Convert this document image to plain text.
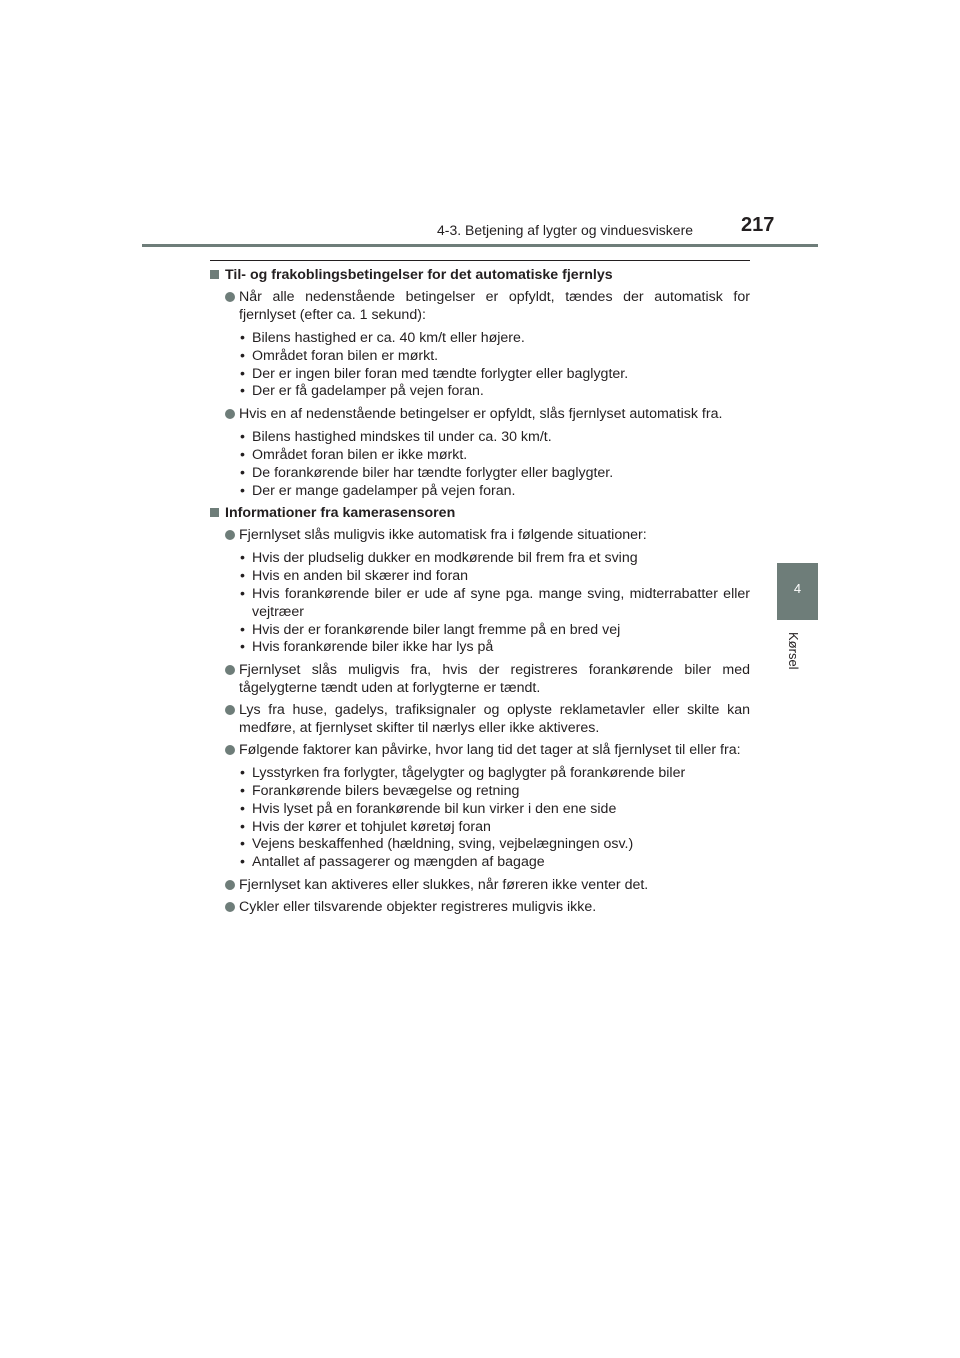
4-3. Betjening af lygter og vinduesviskere 217
4
Kørsel
Til- og frakoblingsbetingelser for det automatiske fjernlys
Når alle nedenstående betingelser er opfyldt, tændes der automatisk for fjernlyset (efter ca. 1 sekund):
• Bilens hastighed er ca. 40 km/t eller højere.
• Området foran bilen er mørkt.
• Der er ingen biler foran med tændte forlygter eller baglygter.
• Der er få gadelamper på vejen foran.
Hvis en af nedenstående betingelser er opfyldt, slås fjernlyset automatisk fra.
• Bilens hastighed mindskes til under ca. 30 km/t.
• Området foran bilen er ikke mørkt.
• De forankørende biler har tændte forlygter eller baglygter.
• Der er mange gadelamper på vejen foran.
Informationer fra kamerasensoren
Fjernlyset slås muligvis ikke automatisk fra i følgende situationer:
• Hvis der pludselig dukker en modkørende bil frem fra et sving
• Hvis en anden bil skærer ind foran
• Hvis forankørende biler er ude af syne pga. mange sving, midterrabatter eller vejtræer
• Hvis der er forankørende biler langt fremme på en bred vej
• Hvis forankørende biler ikke har lys på
Fjernlyset slås muligvis fra, hvis der registreres forankørende biler med tågelygterne tændt uden at forlygterne er tændt.
Lys fra huse, gadelys, trafiksignaler og oplyste reklametavler eller skilte kan medføre, at fjernlyset skifter til nærlys eller ikke aktiveres.
Følgende faktorer kan påvirke, hvor lang tid det tager at slå fjernlyset til eller fra:
• Lysstyrken fra forlygter, tågelygter og baglygter på forankørende biler
• Forankørende bilers bevægelse og retning
• Hvis lyset på en forankørende bil kun virker i den ene side
• Hvis der kører et tohjulet køretøj foran
• Vejens beskaffenhed (hældning, sving, vejbelægningen osv.)
• Antallet af passagerer og mængden af bagage
Fjernlyset kan aktiveres eller slukkes, når føreren ikke venter det.
Cykler eller tilsvarende objekter registreres muligvis ikke.
